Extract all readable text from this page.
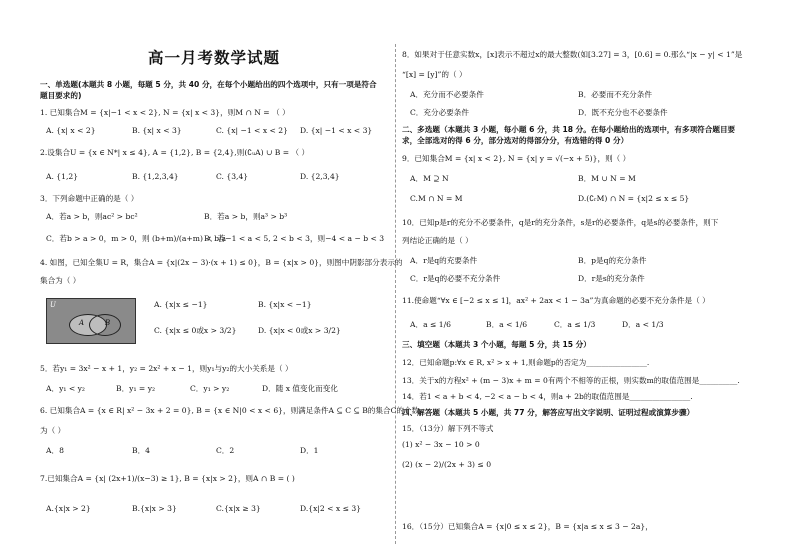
高一月考数学试题
一、单选题(本题共 8 小题，每题 5 分，共 40 分，在每个小题给出的四个选项中，只有一项是符合
题目要求的)
1. 已知集合M = {x|−1 < x < 2}, N = {x| x < 3}，则M ∩ N = （ ）
A. {x| x < 2}	B. {x| x < 3}	C. {x| −1 < x < 2} D. {x| −1 < x < 3}
2.设集合U = {x ∈ N*| x ≤ 4}, A = {1,2}, B = {2,4},则(∁ᵤA) ∪ B = （ ）
A. {1,2}	B. {1,2,3,4}	C. {3,4}	D. {2,3,4}
3．下列命题中正确的是（ ）
A．若a > b，则ac² > bc²	B．若a > b，则a³ > b³
C．若b > a > 0，m > 0，则 (b+m)/(a+m) < b/a
D．若−1 < a < 5, 2 < b < 3，则−4 < a − b < 3
4. 如图，已知全集U = R，集合A = {x|(2x − 3)·(x + 1) ≤ 0}，B = {x|x > 0}，则图中阴影部分表示的
集合为（ ）
U
A	B
A. {x|x ≤ −1}	B. {x|x < −1}
C. {x|x ≤ 0或x > 3/2}	D. {x|x < 0或x > 3/2}
5．若y₁ = 3x² − x + 1，y₂ = 2x² + x − 1，则y₁与y₂的大小关系是（ ）
A．y₁ < y₂	B．y₁ = y₂	C．y₁ > y₂	D．随 x 值变化而变化
6. 已知集合A = {x ∈ R| x² − 3x + 2 = 0}, B = {x ∈ N|0 < x < 6}，则满足条件A ⊆ C ⊆ B的集合C的个数
为（ ）
A．8	B．4	C．2	D．1
7.已知集合A = {x| (2x+1)/(x−3) ≥ 1}, B = {x|x > 2}，则A ∩ B = ( )
A.{x|x > 2}	B.{x|x > 3}	C.{x|x ≥ 3}	D.{x|2 < x ≤ 3}
8．如果对于任意实数x，[x]表示不超过x的最大整数(如[3.27] = 3，[0.6] = 0.那么“|x − y| < 1”是
“[x] = [y]”的（ ）
A．充分而不必要条件	B．必要而不充分条件
C．充分必要条件	D．既不充分也不必要条件
二、多选题（本题共 3 小题，每小题 6 分，共 18 分。在每小题给出的选项中，有多项符合题目要
求，全部选对的得 6 分，部分选对的得部分分，有选错的得 0 分）
9．已知集合M = {x| x < 2}, N = {x| y = √(−x + 5)}，则（ ）
A．M ⊇ N	B．M ∪ N = M
C.M ∩ N = M	D.(∁ᵣM) ∩ N = {x|2 ≤ x ≤ 5}
10．已知p是r的充分不必要条件，q是r的充分条件，s是r的必要条件，q是s的必要条件，则下
列结论正确的是（ ）
A．r是q的充要条件	B．p是q的充分条件
C．r是q的必要不充分条件	D．r是s的充分条件
11.使命题“∀x ∈ [−2 ≤ x ≤ 1]，ax² + 2ax < 1 − 3a”为真命题的必要不充分条件是（ ）
A．a ≤ 1/6	B．a < 1/6	C．a ≤ 1/3	D．a < 1/3
三、填空题（本题共 3 个小题，每题 5 分，共 15 分）
12．已知命题p:∀x ∈ R, x² > x + 1,则命题p的否定为________________.
13．关于x的方程x² + (m − 3)x + m = 0有两个不相等的正根，则实数m的取值范围是__________.
14．若1 < a + b < 4, −2 < a − b < 4，则a + 2b的取值范围是________________.
四、解答题（本题共 5 小题，共 77 分，解答应写出文字说明、证明过程或演算步骤）
15．（13分）解下列不等式
(1) x² − 3x − 10 > 0
(2) (x − 2)/(2x + 3) ≤ 0
16．（15分）已知集合A = {x|0 ≤ x ≤ 2}，B = {x|a ≤ x ≤ 3 − 2a}，
